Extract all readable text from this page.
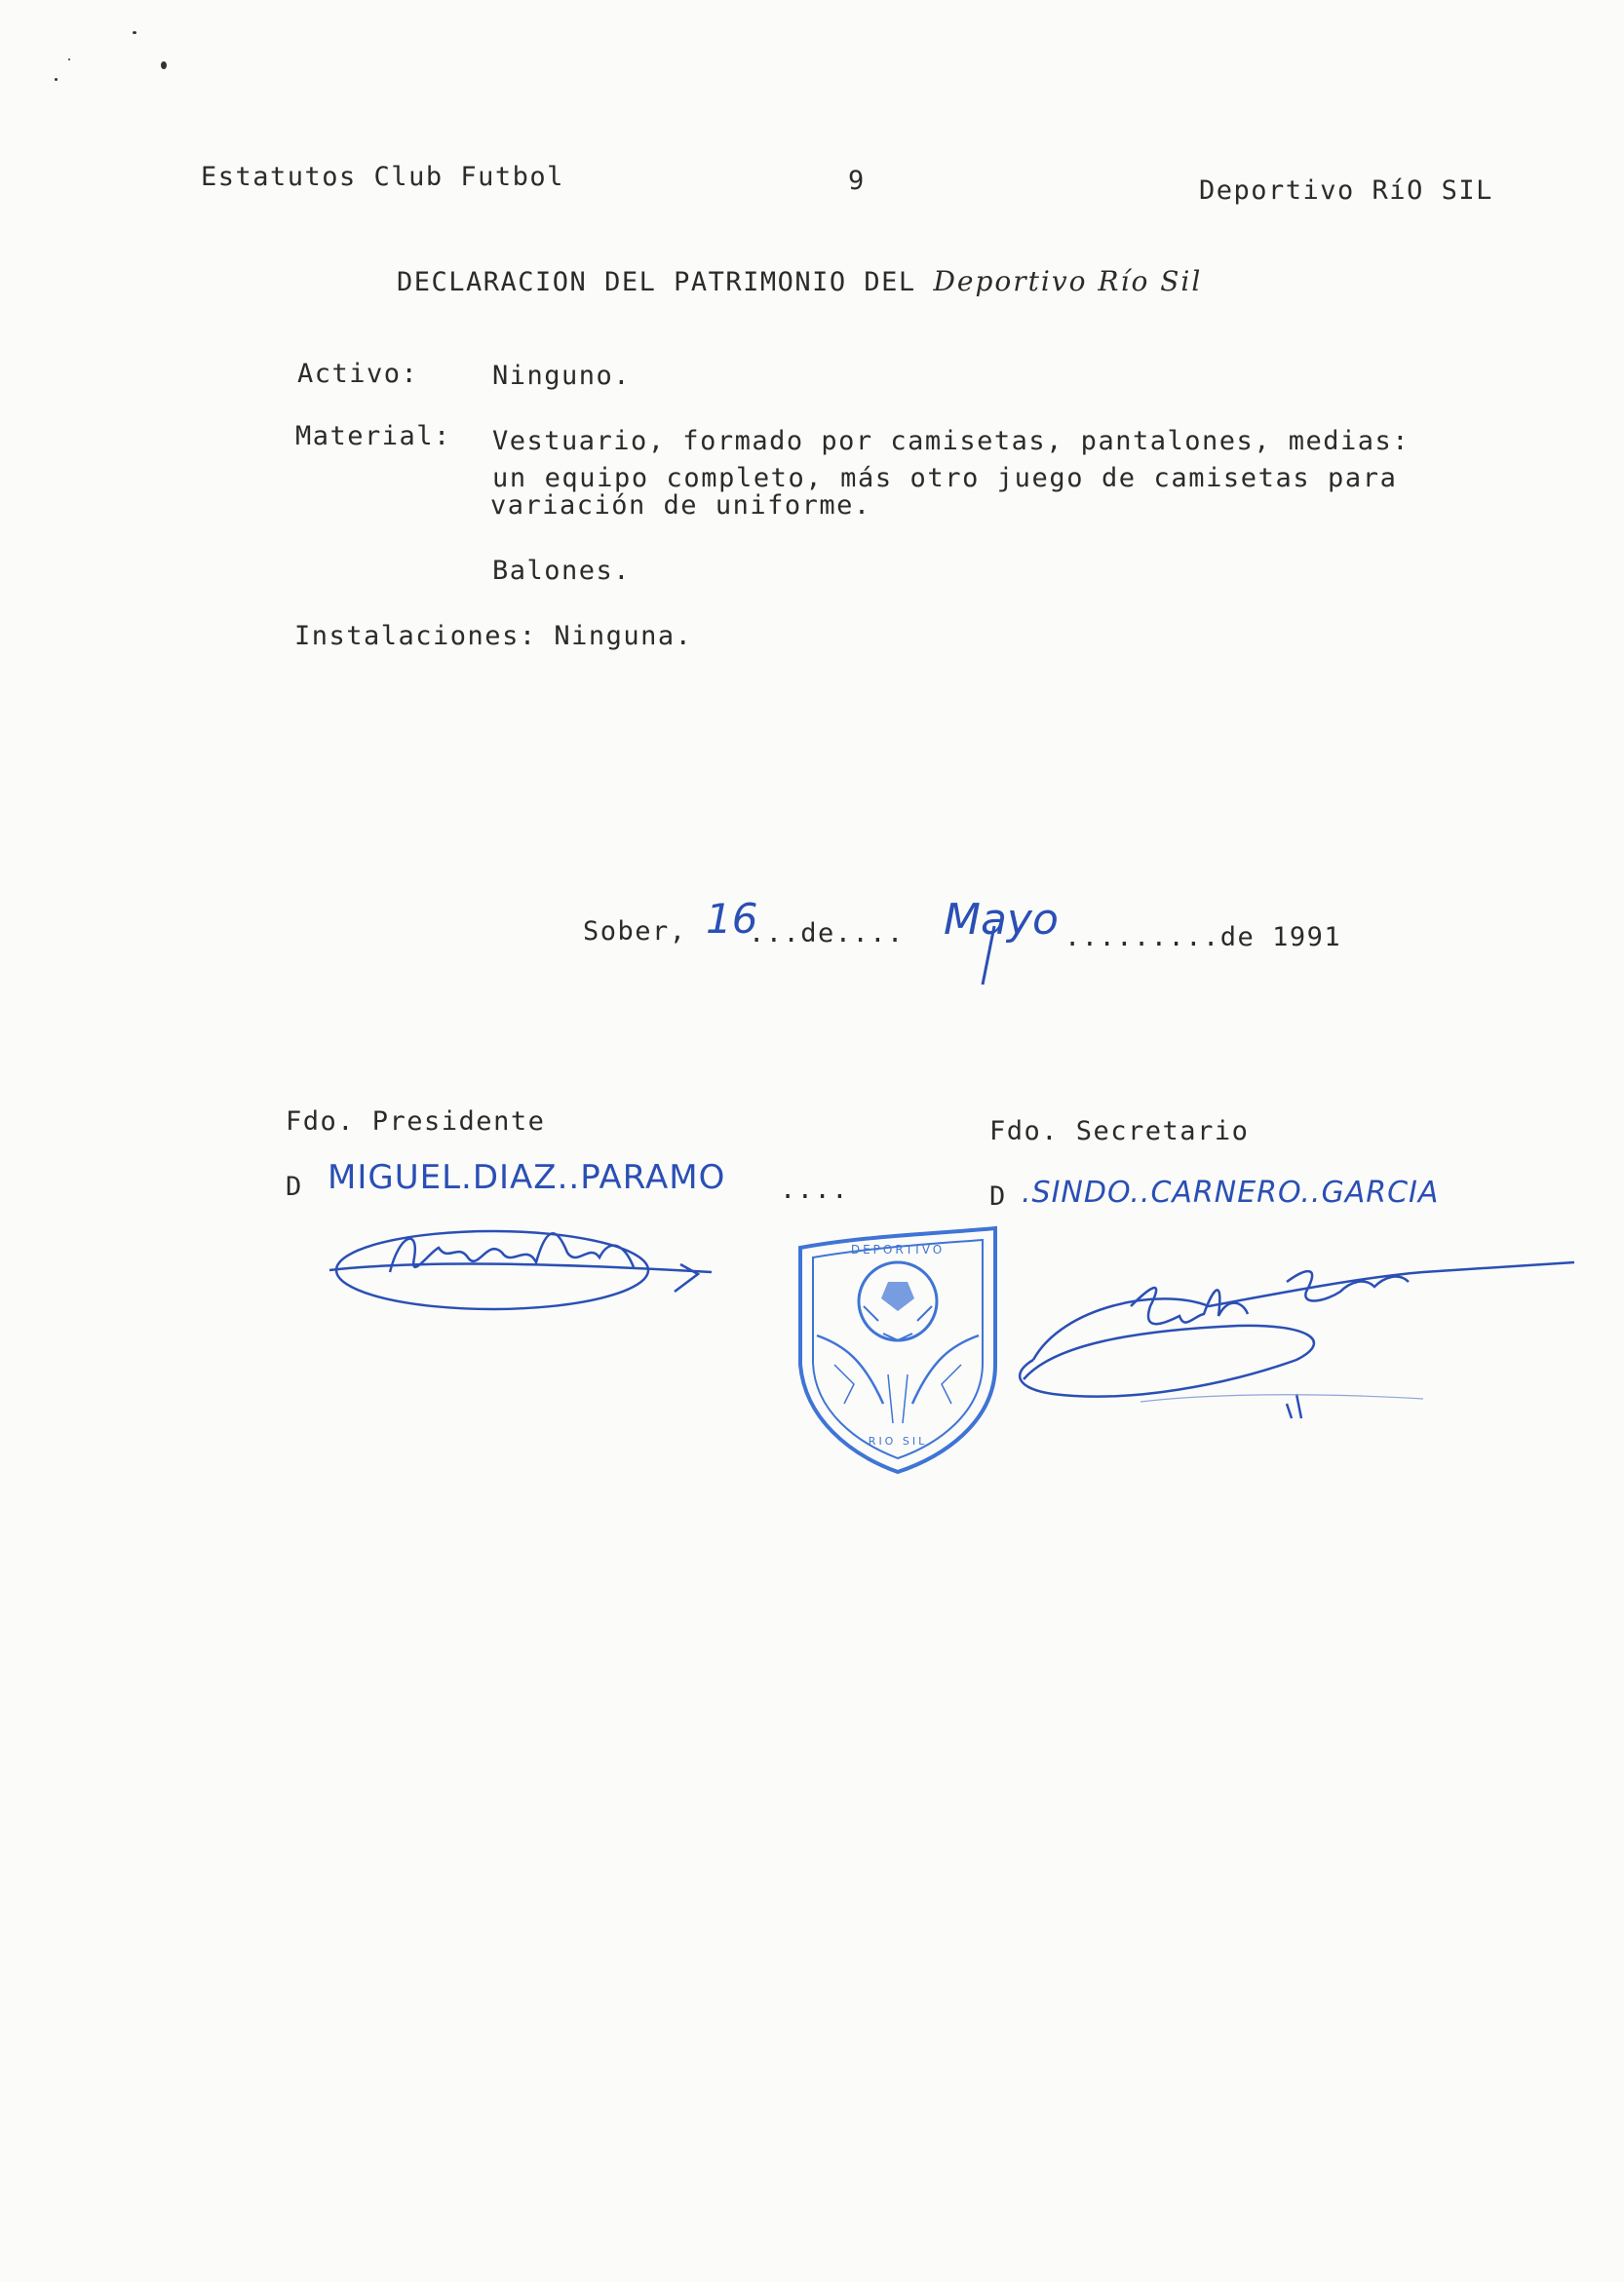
Estatutos Club Futbol	9	Deportivo RíO SIL
DECLARACION DEL PATRIMONIO DEL Deportivo Río Sil
Activo:	Ninguno.
Material: Vestuario, formado por camisetas, pantalones, medias:
un equipo completo, más otro juego de camisetas para
variación de uniforme.
Balones.
Instalaciones: Ninguna.
Sober, 16
...de.... Mayo .........de 1991
Fdo. Presidente
D MIGUEL.DIAZ..PARAMO ....
Fdo. Secretario
D .SINDO..CARNERO..GARCIA
DEPORTIVO
RIO SIL
